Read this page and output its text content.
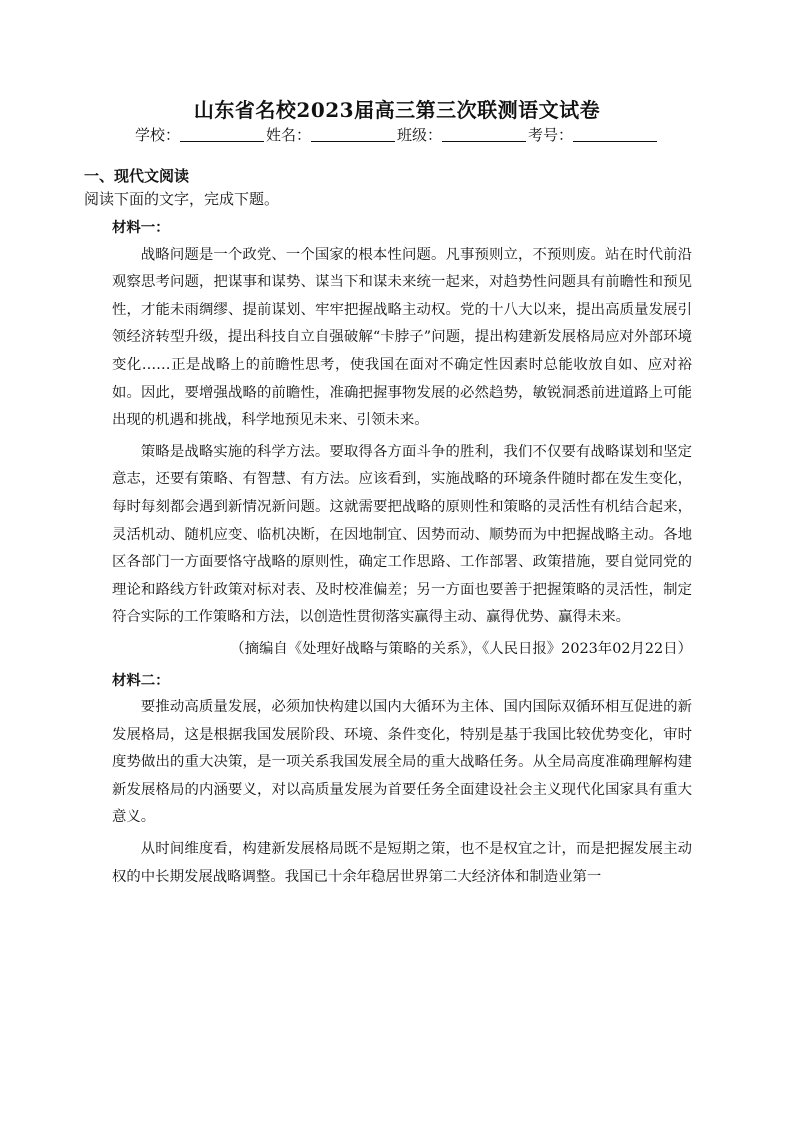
山东省名校2023届高三第三次联测语文试卷
学校：	姓名：	班级：	考号：
一、现代文阅读
阅读下面的文字，完成下题。

材料一：

战略问题是一个政党、一个国家的根本性问题。凡事预则立，不预则废。站在时代前沿观察思考问题，把谋事和谋势、谋当下和谋未来统一起来，对趋势性问题具有前瞻性和预见性，才能未雨绸缪、提前谋划、牢牢把握战略主动权。党的十八大以来，提出高质量发展引领经济转型升级，提出科技自立自强破解“卡脖子”问题，提出构建新发展格局应对外部环境变化……正是战略上的前瞻性思考，使我国在面对不确定性因素时总能收放自如、应对裕如。因此，要增强战略的前瞻性，准确把握事物发展的必然趋势，敏锐洞悉前进道路上可能出现的机遇和挑战，科学地预见未来、引领未来。

策略是战略实施的科学方法。要取得各方面斗争的胜利，我们不仅要有战略谋划和坚定意志，还要有策略、有智慧、有方法。应该看到，实施战略的环境条件随时都在发生变化，每时每刻都会遇到新情况新问题。这就需要把战略的原则性和策略的灵活性有机结合起来，灵活机动、随机应变、临机决断，在因地制宜、因势而动、顺势而为中把握战略主动。各地区各部门一方面要恪守战略的原则性，确定工作思路、工作部署、政策措施，要自觉同党的理论和路线方针政策对标对表、及时校准偏差；另一方面也要善于把握策略的灵活性，制定符合实际的工作策略和方法，以创造性贯彻落实赢得主动、赢得优势、赢得未来。

（摘编自《处理好战略与策略的关系》，《人民日报》2023年02月22日）

材料二：

要推动高质量发展，必须加快构建以国内大循环为主体、国内国际双循环相互促进的新发展格局，这是根据我国发展阶段、环境、条件变化，特别是基于我国比较优势变化，审时度势做出的重大决策，是一项关系我国发展全局的重大战略任务。从全局高度准确理解构建新发展格局的内涵要义，对以高质量发展为首要任务全面建设社会主义现代化国家具有重大意义。

从时间维度看，构建新发展格局既不是短期之策，也不是权宜之计，而是把握发展主动权的中长期发展战略调整。我国已十余年稳居世界第二大经济体和制造业第一
